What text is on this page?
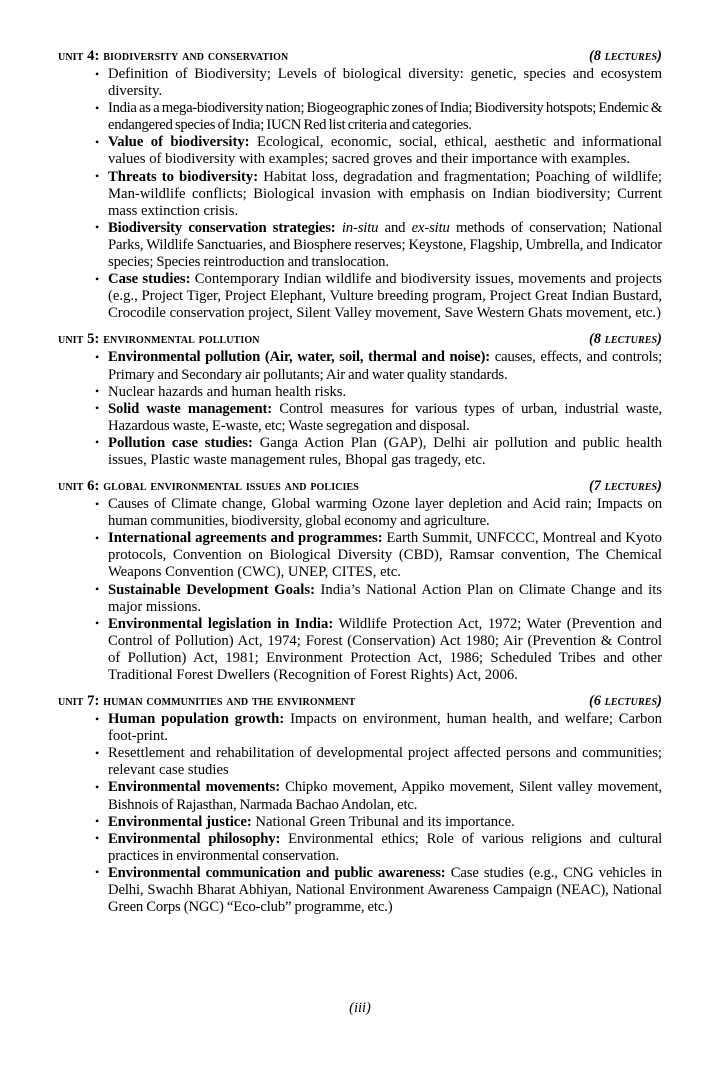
unit 4: biodiversity and conservation	(8 lectures)
• Definition of Biodiversity; Levels of biological diversity: genetic, species and ecosystem diversity.
• India as a mega-biodiversity nation; Biogeographic zones of India; Biodiversity hotspots; Endemic & endangered species of India; IUCN Red list criteria and categories.
• Value of biodiversity: Ecological, economic, social, ethical, aesthetic and informational values of biodiversity with examples; sacred groves and their importance with examples.
• Threats to biodiversity: Habitat loss, degradation and fragmentation; Poaching of wildlife; Man-wildlife conflicts; Biological invasion with emphasis on Indian biodiversity; Current mass extinction crisis.
• Biodiversity conservation strategies: in-situ and ex-situ methods of conservation; National Parks, Wildlife Sanctuaries, and Biosphere reserves; Keystone, Flagship, Umbrella, and Indicator species; Species reintroduction and translocation.
• Case studies: Contemporary Indian wildlife and biodiversity issues, movements and projects (e.g., Project Tiger, Project Elephant, Vulture breeding program, Project Great Indian Bustard, Crocodile conservation project, Silent Valley movement, Save Western Ghats movement, etc.)
unit 5: environmental pollution	(8 lectures)
• Environmental pollution (Air, water, soil, thermal and noise): causes, effects, and controls; Primary and Secondary air pollutants; Air and water quality standards.
• Nuclear hazards and human health risks.
• Solid waste management: Control measures for various types of urban, industrial waste, Hazardous waste, E-waste, etc; Waste segregation and disposal.
• Pollution case studies: Ganga Action Plan (GAP), Delhi air pollution and public health issues, Plastic waste management rules, Bhopal gas tragedy, etc.
unit 6: global environmental issues and policies	(7 lectures)
• Causes of Climate change, Global warming Ozone layer depletion and Acid rain; Impacts on human communities, biodiversity, global economy and agriculture.
• International agreements and programmes: Earth Summit, UNFCCC, Montreal and Kyoto protocols, Convention on Biological Diversity (CBD), Ramsar convention, The Chemical Weapons Convention (CWC), UNEP, CITES, etc.
• Sustainable Development Goals: India’s National Action Plan on Climate Change and its major missions.
• Environmental legislation in India: Wildlife Protection Act, 1972; Water (Prevention and Control of Pollution) Act, 1974; Forest (Conservation) Act 1980; Air (Prevention & Control of Pollution) Act, 1981; Environment Protection Act, 1986; Scheduled Tribes and other Traditional Forest Dwellers (Recognition of Forest Rights) Act, 2006.
unit 7: human communities and the environment	(6 lectures)
• Human population growth: Impacts on environment, human health, and welfare; Carbon foot-print.
• Resettlement and rehabilitation of developmental project affected persons and communities; relevant case studies
• Environmental movements: Chipko movement, Appiko movement, Silent valley movement, Bishnois of Rajasthan, Narmada Bachao Andolan, etc.
• Environmental justice: National Green Tribunal and its importance.
• Environmental philosophy: Environmental ethics; Role of various religions and cultural practices in environmental conservation.
• Environmental communication and public awareness: Case studies (e.g., CNG vehicles in Delhi, Swachh Bharat Abhiyan, National Environment Awareness Campaign (NEAC), National Green Corps (NGC) “Eco-club” programme, etc.)
(iii)
